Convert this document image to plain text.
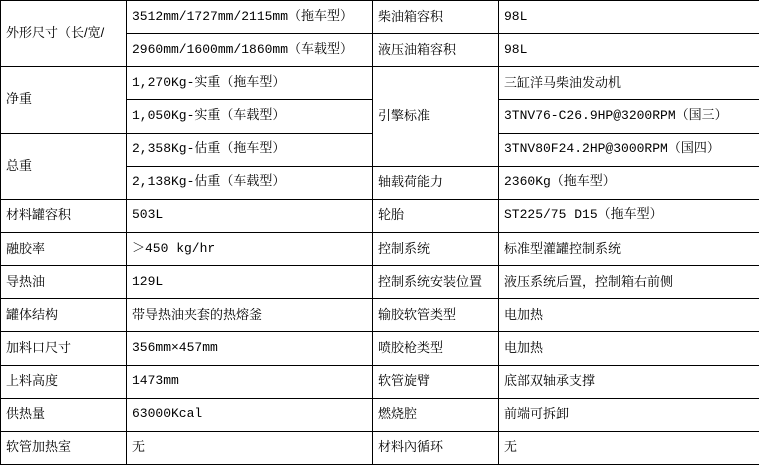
外形尺寸（长/宽/	3512mm/1727mm/2115mm（拖车型）	柴油箱容积	98L
	2960mm/1600mm/1860mm（车载型）	液压油箱容积	98L
净重	1,270Kg-实重（拖车型）	引擎标准	三缸洋马柴油发动机
	1,050Kg-实重（车载型）		3TNV76-C26.9HP@3200RPM（国三）
总重	2,358Kg-估重（拖车型）		3TNV80F24.2HP@3000RPM（国四）
	2,138Kg-估重（车载型）	轴载荷能力	2360Kg（拖车型）
材料罐容积	503L	轮胎	ST225/75 D15（拖车型）
融胶率	＞450 kg/hr	控制系统	标准型灌罐控制系统
导热油	129L	控制系统安装位置	液压系统后置，控制箱右前侧
罐体结构	带导热油夹套的热熔釜	输胶软管类型	电加热
加料口尺寸	356mm×457mm	喷胶枪类型	电加热
上料高度	1473mm	软管旋臂	底部双轴承支撑
供热量	63000Kcal	燃烧腔	前端可拆卸
软管加热室	无	材料內循环	无
